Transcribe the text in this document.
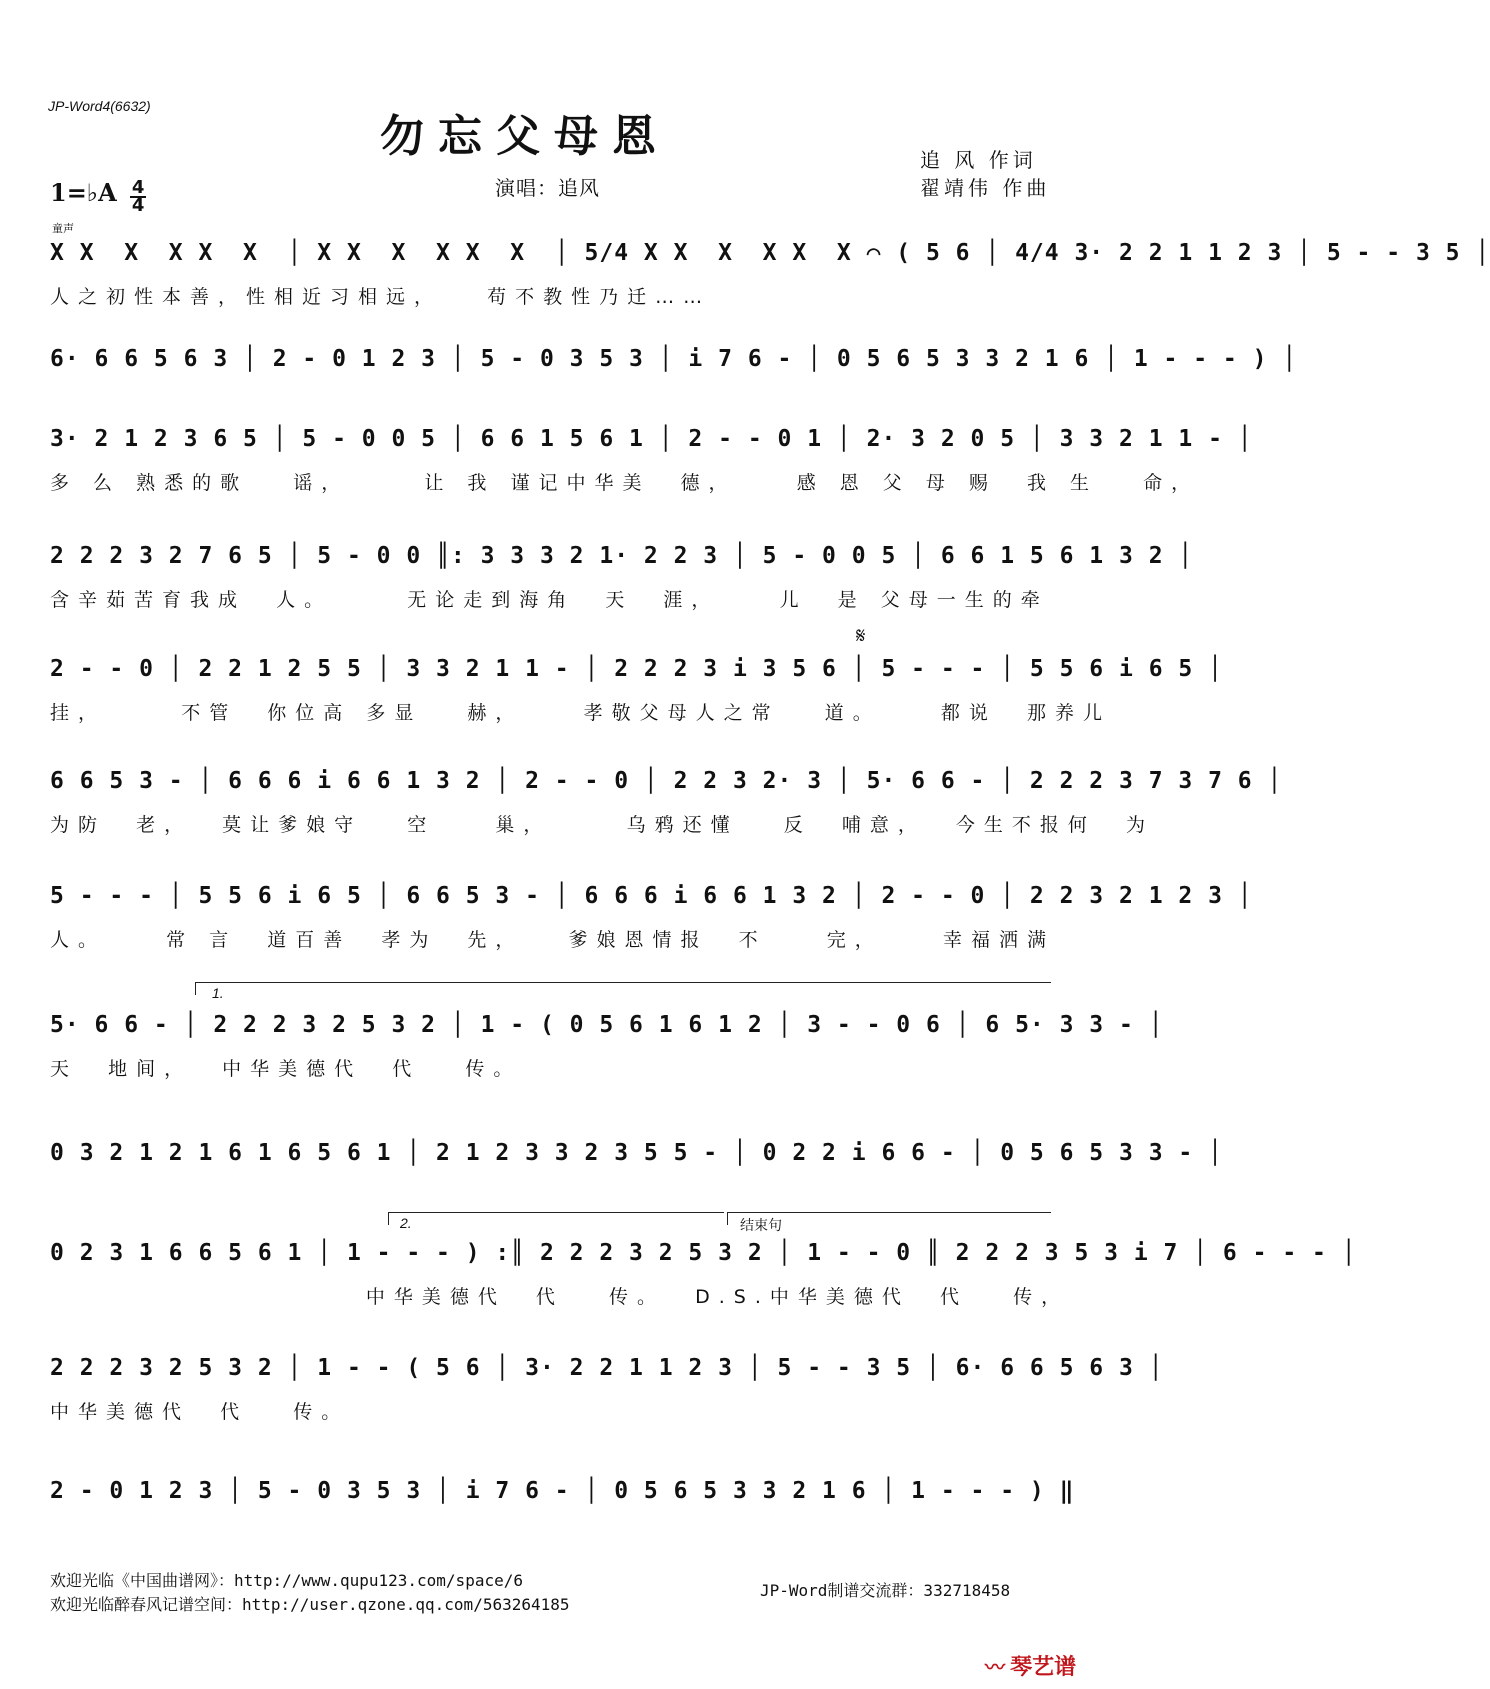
JP-Word4(6632)
勿忘父母恩	追 风 作词
翟靖伟 作曲
演唱：追风
1=♭A $\frac{4}{4}$
童声
𝄋
1.
2.	结束句
X X  X  X X  X  │ X X  X  X X  X  │ 5/4 X X  X  X X  X ⌒ ( 5 6 │ 4/4 3· 2 2 1 1 2 3 │ 5 - - 3 5 │
人之初性本善，性相近习相远，   苟不教性乃迁……
6· 6 6 5 6 3 │ 2 - 0 1 2 3 │ 5 - 0 3 5 3 │ i 7 6 - │ 0 5 6 5 3 3 2 1 6 │ 1 - - - ) │
3· 2 1 2 3 6 5 │ 5 - 0 0 5 │ 6 6 1 5 6 1 │ 2 - - 0 1 │ 2· 3 2 0 5 │ 3 3 2 1 1 - │
多 么 熟悉的歌   谣，     让 我 谨记中华美  德，    感 恩 父 母 赐  我 生   命，
2 2 2 3 2 7 6 5 │ 5 - 0 0 ║: 3 3 3 2 1· 2 2 3 │ 5 - 0 0 5 │ 6 6 1 5 6 1 3 2 │
含辛茹苦育我成  人。     无论走到海角  天  涯，    儿  是 父母一生的牵
2 - - 0 │ 2 2 1 2 5 5 │ 3 3 2 1 1 - │ 2 2 2 3 i 3 5 6 │ 5 - - - │ 5 5 6 i 6 5 │
挂，     不管  你位高 多显   赫，    孝敬父母人之常   道。    都说  那养儿
6 6 5 3 - │ 6 6 6 i 6 6 1 3 2 │ 2 - - 0 │ 2 2 3 2· 3 │ 5· 6 6 - │ 2 2 2 3 7 3 7 6 │
为防  老，  莫让爹娘守   空    巢，     乌鸦还懂   反  哺意，  今生不报何  为
5 - - - │ 5 5 6 i 6 5 │ 6 6 5 3 - │ 6 6 6 i 6 6 1 3 2 │ 2 - - 0 │ 2 2 3 2 1 2 3 │
人。    常 言  道百善  孝为  先，   爹娘恩情报  不    完，    幸福洒满
5· 6 6 - │ 2 2 2 3 2 5 3 2 │ 1 - ( 0 5 6 1 6 1 2 │ 3 - - 0 6 │ 6 5· 3 3 - │
天  地间，  中华美德代  代   传。
0 3 2 1 2 1 6 1 6 5 6 1 │ 2 1 2 3 3 2 3 5 5 - │ 0 2 2 i 6 6 - │ 0 5 6 5 3 3 - │
0 2 3 1 6 6 5 6 1 │ 1 - - - ) :║ 2 2 2 3 2 5 3 2 │ 1 - - 0 ║ 2 2 2 3 5 3 i 7 │ 6 - - - │
中华美德代  代   传。  D.S.中华美德代  代   传，
2 2 2 3 2 5 3 2 │ 1 - - ( 5 6 │ 3· 2 2 1 1 2 3 │ 5 - - 3 5 │ 6· 6 6 5 6 3 │
中华美德代  代   传。
2 - 0 1 2 3 │ 5 - 0 3 5 3 │ i 7 6 - │ 0 5 6 5 3 3 2 1 6 │ 1 - - - ) ‖
欢迎光临《中国曲谱网》：http://www.qupu123.com/space/6
欢迎光临醉春风记谱空间：http://user.qzone.qq.com/563264185
JP-Word制谱交流群：332718458
〰 琴艺谱
